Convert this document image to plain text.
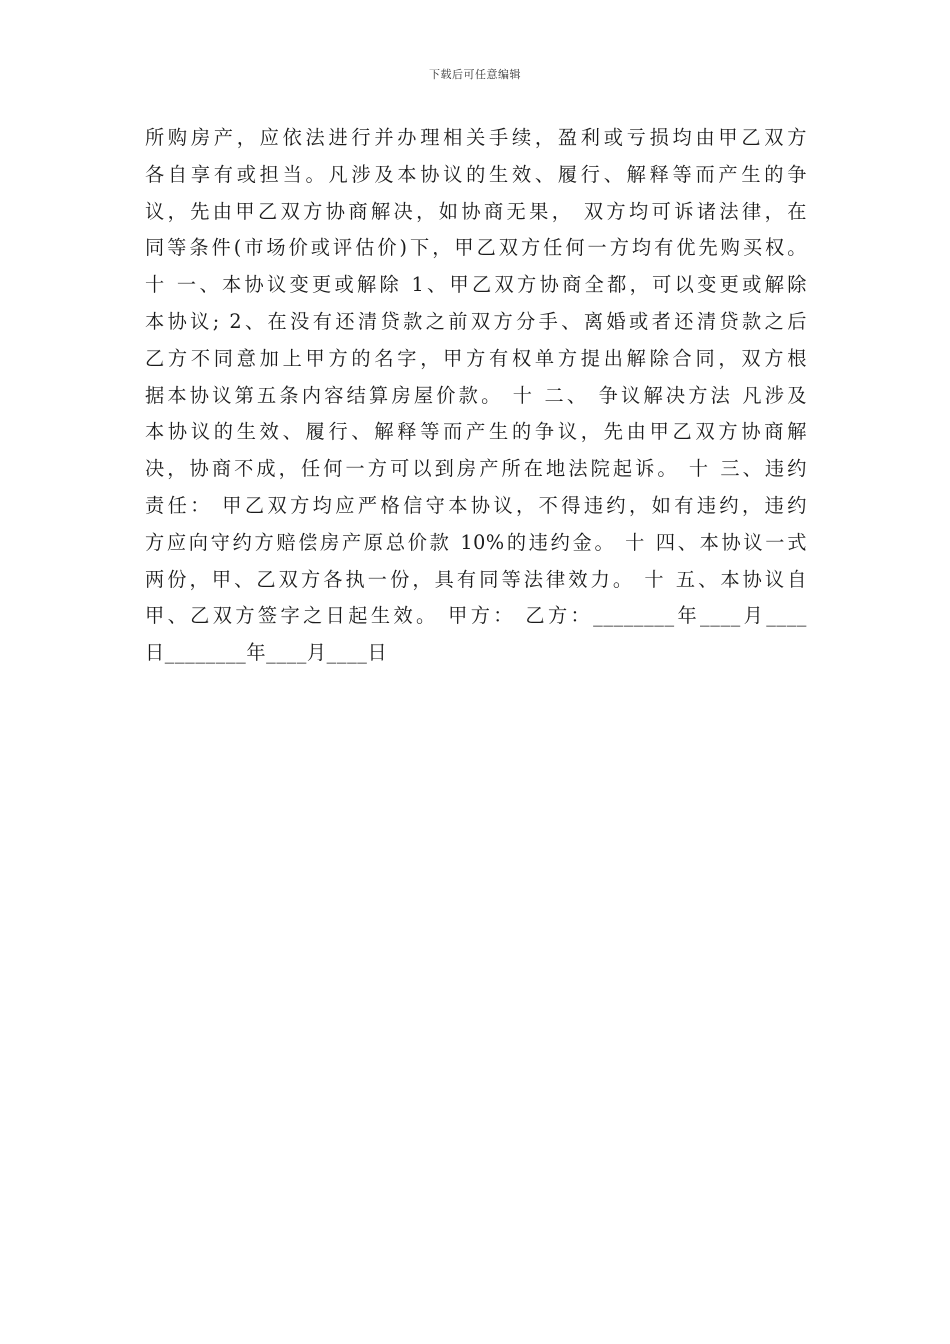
下载后可任意编辑
所购房产，应依法进行并办理相关手续，盈利或亏损均由甲乙双方
各自享有或担当。凡涉及本协议的生效、履行、解释等而产生的争
议，先由甲乙双方协商解决，如协商无果， 双方均可诉诸法律，在
同等条件(市场价或评估价)下，甲乙双方任何一方均有优先购买权。
十 一、本协议变更或解除 1、甲乙双方协商全都，可以变更或解除
本协议; 2、在没有还清贷款之前双方分手、离婚或者还清贷款之后
乙方不同意加上甲方的名字，甲方有权单方提出解除合同，双方根
据本协议第五条内容结算房屋价款。 十 二、 争议解决方法 凡涉及
本协议的生效、履行、解释等而产生的争议，先由甲乙双方协商解
决，协商不成，任何一方可以到房产所在地法院起诉。 十 三、违约
责任： 甲乙双方均应严格信守本协议，不得违约，如有违约，违约
方应向守约方赔偿房产原总价款 10%的违约金。 十 四、本协议一式
两份，甲、乙双方各执一份，具有同等法律效力。 十 五、本协议自
甲、乙双方签字之日起生效。 甲方： 乙方：________年____月____
日________年____月____日
